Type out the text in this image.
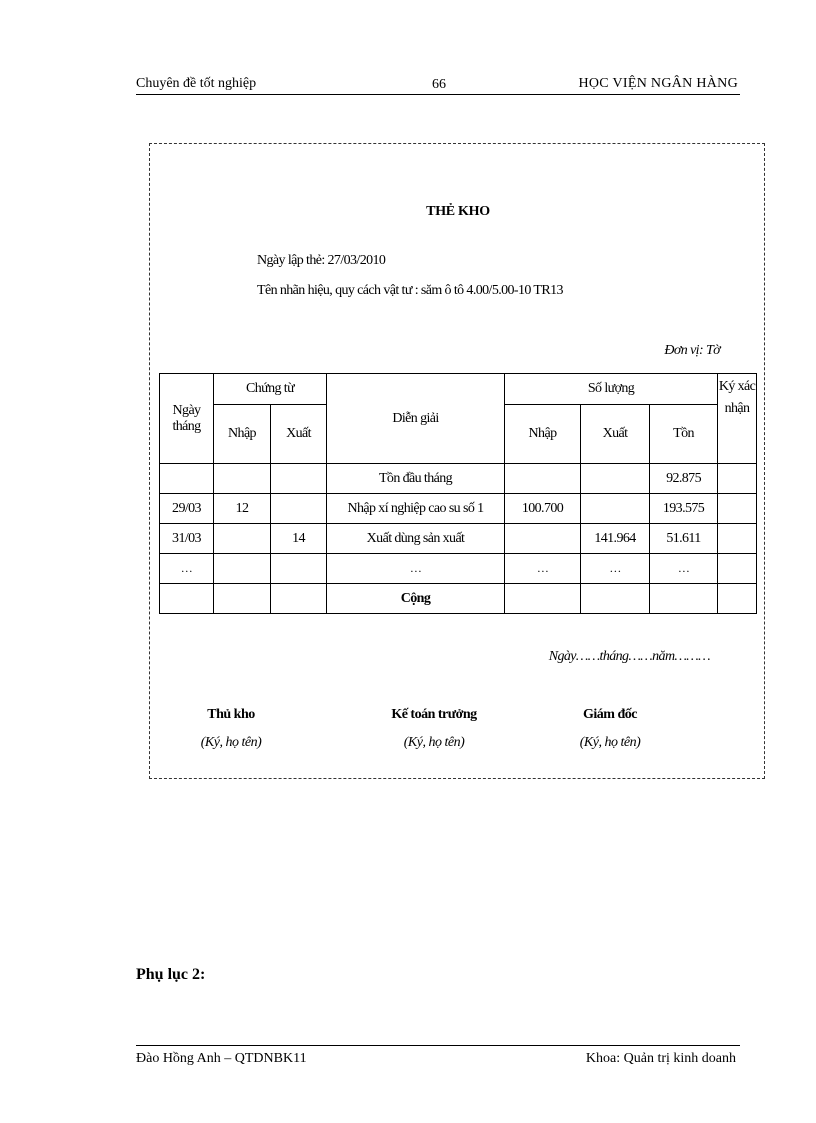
Chuyên đề tốt nghiệp	66	HỌC VIỆN NGÂN HÀNG
THẺ KHO
Ngày lập thẻ: 27/03/2010
Tên nhãn hiệu, quy cách vật tư : săm ô tô 4.00/5.00-10 TR13
Đơn vị: Tờ
Ngày tháng	Chứng từ		Diễn giải	Số lượng			Ký xác nhận
	Nhập	Xuất		Nhập	Xuất	Tồn	
			Tồn đầu tháng			92.875	
29/03	12		Nhập xí nghiệp cao su số 1	100.700		193.575	
31/03		14	Xuất dùng sản xuất		141.964	51.611	
…			…	…	…	…	
			Cộng				
Ngày……tháng……năm………
Thủ kho
(Ký, họ tên)
Kế toán trưởng
(Ký, họ tên)
Giám đốc
(Ký, họ tên)
Phụ lục 2:
Đào Hồng Anh – QTDNBK11	Khoa: Quản trị kinh doanh
